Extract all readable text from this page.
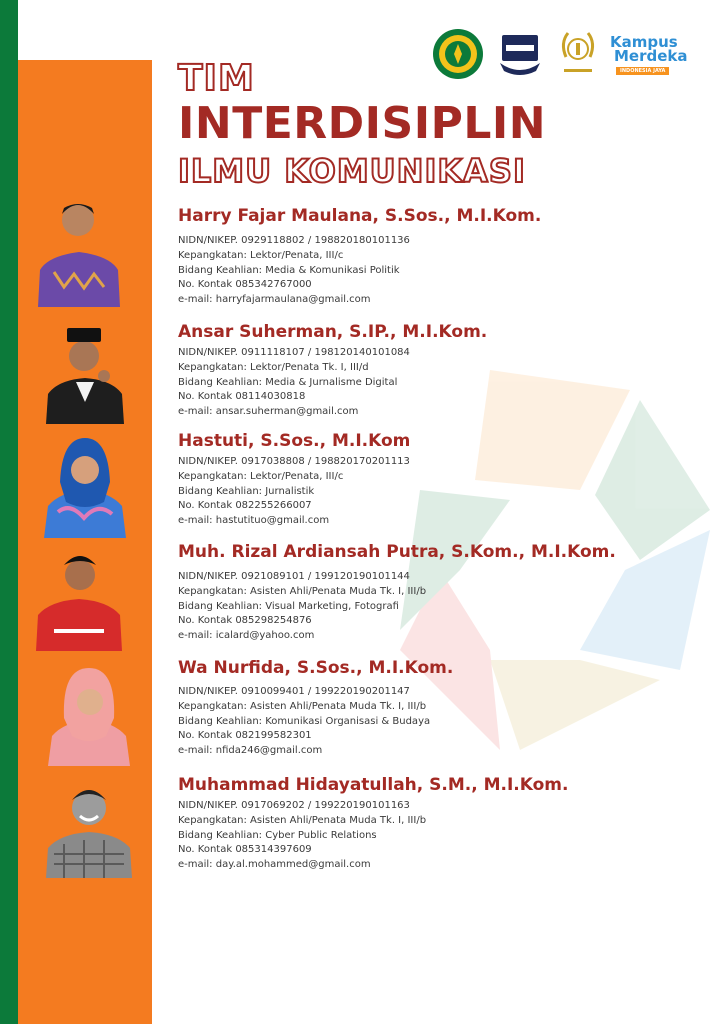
Kampus
Merdeka
INDONESIA JAYA
TIM
INTERDISIPLIN
ILMU KOMUNIKASI
Harry Fajar Maulana, S.Sos., M.I.Kom.
NIDN/NIKEP. 0929118802 / 198820180101136
Kepangkatan: Lektor/Penata, III/c
Bidang Keahlian: Media & Komunikasi Politik
No. Kontak 085342767000
e-mail: harryfajarmaulana@gmail.com
Ansar Suherman, S.IP., M.I.Kom.
NIDN/NIKEP. 0911118107 / 198120140101084
Kepangkatan: Lektor/Penata Tk. I, III/d
Bidang Keahlian: Media & Jurnalisme Digital
No. Kontak 08114030818
e-mail: ansar.suherman@gmail.com
Hastuti, S.Sos., M.I.Kom
NIDN/NIKEP. 0917038808 / 198820170201113
Kepangkatan: Lektor/Penata, III/c
Bidang Keahlian: Jurnalistik
No. Kontak 082255266007
e-mail: hastutituo@gmail.com
Muh. Rizal Ardiansah Putra, S.Kom., M.I.Kom.
NIDN/NIKEP. 0921089101 / 199120190101144
Kepangkatan: Asisten Ahli/Penata Muda Tk. I, III/b
Bidang Keahlian: Visual Marketing, Fotografi
No. Kontak 085298254876
e-mail: icalard@yahoo.com
Wa Nurfida, S.Sos., M.I.Kom.
NIDN/NIKEP. 0910099401 / 199220190201147
Kepangkatan: Asisten Ahli/Penata Muda Tk. I, III/b
Bidang Keahlian: Komunikasi Organisasi & Budaya
No. Kontak 082199582301
e-mail: nfida246@gmail.com
Muhammad Hidayatullah, S.M., M.I.Kom.
NIDN/NIKEP. 0917069202 / 199220190101163
Kepangkatan: Asisten Ahli/Penata Muda Tk. I, III/b
Bidang Keahlian: Cyber Public Relations
No. Kontak 085314397609
e-mail: day.al.mohammed@gmail.com
